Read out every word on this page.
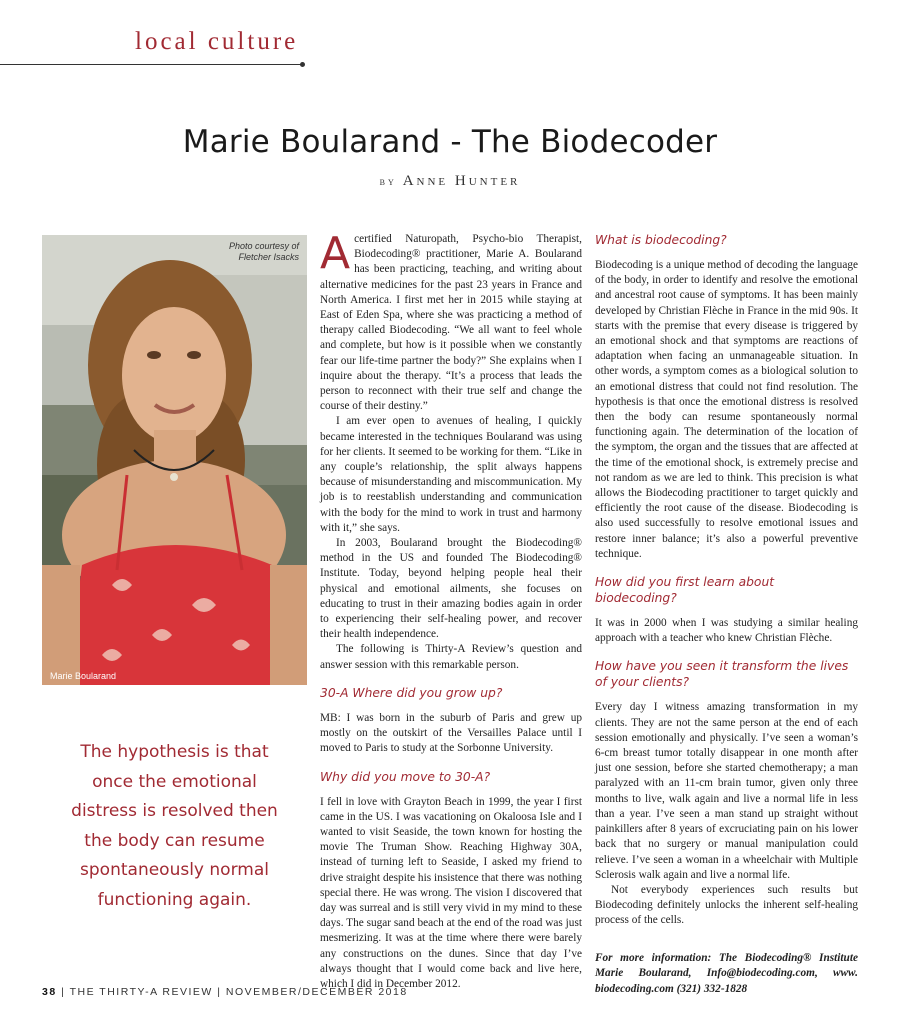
local culture
Marie Boularand - The Biodecoder
by Anne Hunter
Photo courtesy of Fletcher Isacks
Marie Boularand
The hypothesis is that once the emotional distress is resolved then the body can resume spontaneously normal functioning again.

Acertified Naturopath, Psycho-bio Therapist, Biodecoding® practitioner, Marie A. Boularand has been practicing, teaching, and writing about alternative medicines for the past 23 years in France and North America. I first met her in 2015 while staying at East of Eden Spa, where she was practicing a method of therapy called Biodecoding. “We all want to feel whole and complete, but how is it possible when we constantly fear our life-time partner the body?” She explains when I inquire about the therapy. “It’s a process that leads the person to reconnect with their true self and change the course of their destiny.”

I am ever open to avenues of healing, I quickly became interested in the techniques Boularand was using for her clients. It seemed to be working for them. “Like in any couple’s relationship, the split always happens because of misunderstanding and miscommunication. My job is to reestablish understanding and communication with the body for the mind to work in trust and harmony with it,” she says.

In 2003, Boularand brought the Biodecoding® method in the US and founded The Biodecoding® Institute. Today, beyond helping people heal their physical and emotional ailments, she focuses on educating to trust in their amazing bodies again in order to experiencing their self-healing power, and recover their health independence.

The following is Thirty-A Review’s question and answer session with this remarkable person.

30-A Where did you grow up?

MB: I was born in the suburb of Paris and grew up mostly on the outskirt of the Versailles Palace until I moved to Paris to study at the Sorbonne University.

Why did you move to 30-A?

I fell in love with Grayton Beach in 1999, the year I first came in the US. I was vacationing on Okaloosa Isle and I wanted to visit Seaside, the town known for hosting the movie The Truman Show. Reaching Highway 30A, instead of turning left to Seaside, I asked my friend to drive straight despite his insistence that there was nothing special there. He was wrong. The vision I discovered that day was surreal and is still very vivid in my mind to these days. The sugar sand beach at the end of the road was just mesmerizing. It was at the time where there were barely any constructions on the dunes. Since that day I’ve always thought that I would come back and live here, which I did in December 2012.

What is biodecoding?

Biodecoding is a unique method of decoding the language of the body, in order to identify and resolve the emotional and ancestral root cause of symptoms. It has been mainly developed by Christian Flèche in France in the mid 90s. It starts with the premise that every disease is triggered by an emotional shock and that symptoms are reactions of adaptation when facing an unmanageable situation. In other words, a symptom comes as a biological solution to an emotional distress that could not find resolution. The hypothesis is that once the emotional distress is resolved then the body can resume spontaneously normal functioning again. The determination of the location of the symptom, the organ and the tissues that are affected at the time of the emotional shock, is extremely precise and not random as we are led to think. This precision is what allows the Biodecoding practitioner to target quickly and efficiently the root cause of the disease. Biodecoding is also used successfully to resolve emotional issues and restore inner balance; it’s also a powerful preventive technique.

How did you first learn about biodecoding?

It was in 2000 when I was studying a similar healing approach with a teacher who knew Christian Flèche.

How have you seen it transform the lives of your clients?

Every day I witness amazing transformation in my clients. They are not the same person at the end of each session emotionally and physically. I’ve seen a woman’s 6-cm breast tumor totally disappear in one month after just one session, before she started chemotherapy; a man paralyzed with an 11-cm brain tumor, given only three months to live, walk again and live a normal life in less than a year. I’ve seen a man stand up straight without painkillers after 8 years of excruciating pain on his lower back that no surgery or manual manipulation could relieve. I’ve seen a woman in a wheelchair with Multiple Sclerosis walk again and live a normal life.

Not everybody experiences such results but Biodecoding definitely unlocks the inherent self-healing process of the cells.

For more information: The Biodecoding® Institute Marie Boularand, Info@biodecoding.com, www. biodecoding.com (321) 332-1828
38 | THE THIRTY-A REVIEW | NOVEMBER/DECEMBER 2018
